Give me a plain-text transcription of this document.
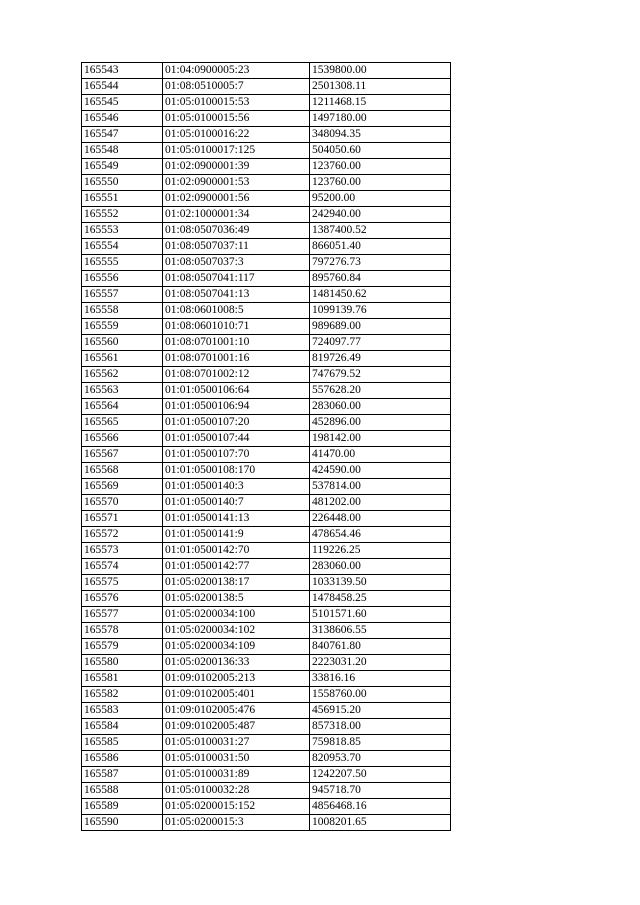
165543	01:04:0900005:23	1539800.00
165544	01:08:0510005:7	2501308.11
165545	01:05:0100015:53	1211468.15
165546	01:05:0100015:56	1497180.00
165547	01:05:0100016:22	348094.35
165548	01:05:0100017:125	504050.60
165549	01:02:0900001:39	123760.00
165550	01:02:0900001:53	123760.00
165551	01:02:0900001:56	95200.00
165552	01:02:1000001:34	242940.00
165553	01:08:0507036:49	1387400.52
165554	01:08:0507037:11	866051.40
165555	01:08:0507037:3	797276.73
165556	01:08:0507041:117	895760.84
165557	01:08:0507041:13	1481450.62
165558	01:08:0601008:5	1099139.76
165559	01:08:0601010:71	989689.00
165560	01:08:0701001:10	724097.77
165561	01:08:0701001:16	819726.49
165562	01:08:0701002:12	747679.52
165563	01:01:0500106:64	557628.20
165564	01:01:0500106:94	283060.00
165565	01:01:0500107:20	452896.00
165566	01:01:0500107:44	198142.00
165567	01:01:0500107:70	41470.00
165568	01:01:0500108:170	424590.00
165569	01:01:0500140:3	537814.00
165570	01:01:0500140:7	481202.00
165571	01:01:0500141:13	226448.00
165572	01:01:0500141:9	478654.46
165573	01:01:0500142:70	119226.25
165574	01:01:0500142:77	283060.00
165575	01:05:0200138:17	1033139.50
165576	01:05:0200138:5	1478458.25
165577	01:05:0200034:100	5101571.60
165578	01:05:0200034:102	3138606.55
165579	01:05:0200034:109	840761.80
165580	01:05:0200136:33	2223031.20
165581	01:09:0102005:213	33816.16
165582	01:09:0102005:401	1558760.00
165583	01:09:0102005:476	456915.20
165584	01:09:0102005:487	857318.00
165585	01:05:0100031:27	759818.85
165586	01:05:0100031:50	820953.70
165587	01:05:0100031:89	1242207.50
165588	01:05:0100032:28	945718.70
165589	01:05:0200015:152	4856468.16
165590	01:05:0200015:3	1008201.65
